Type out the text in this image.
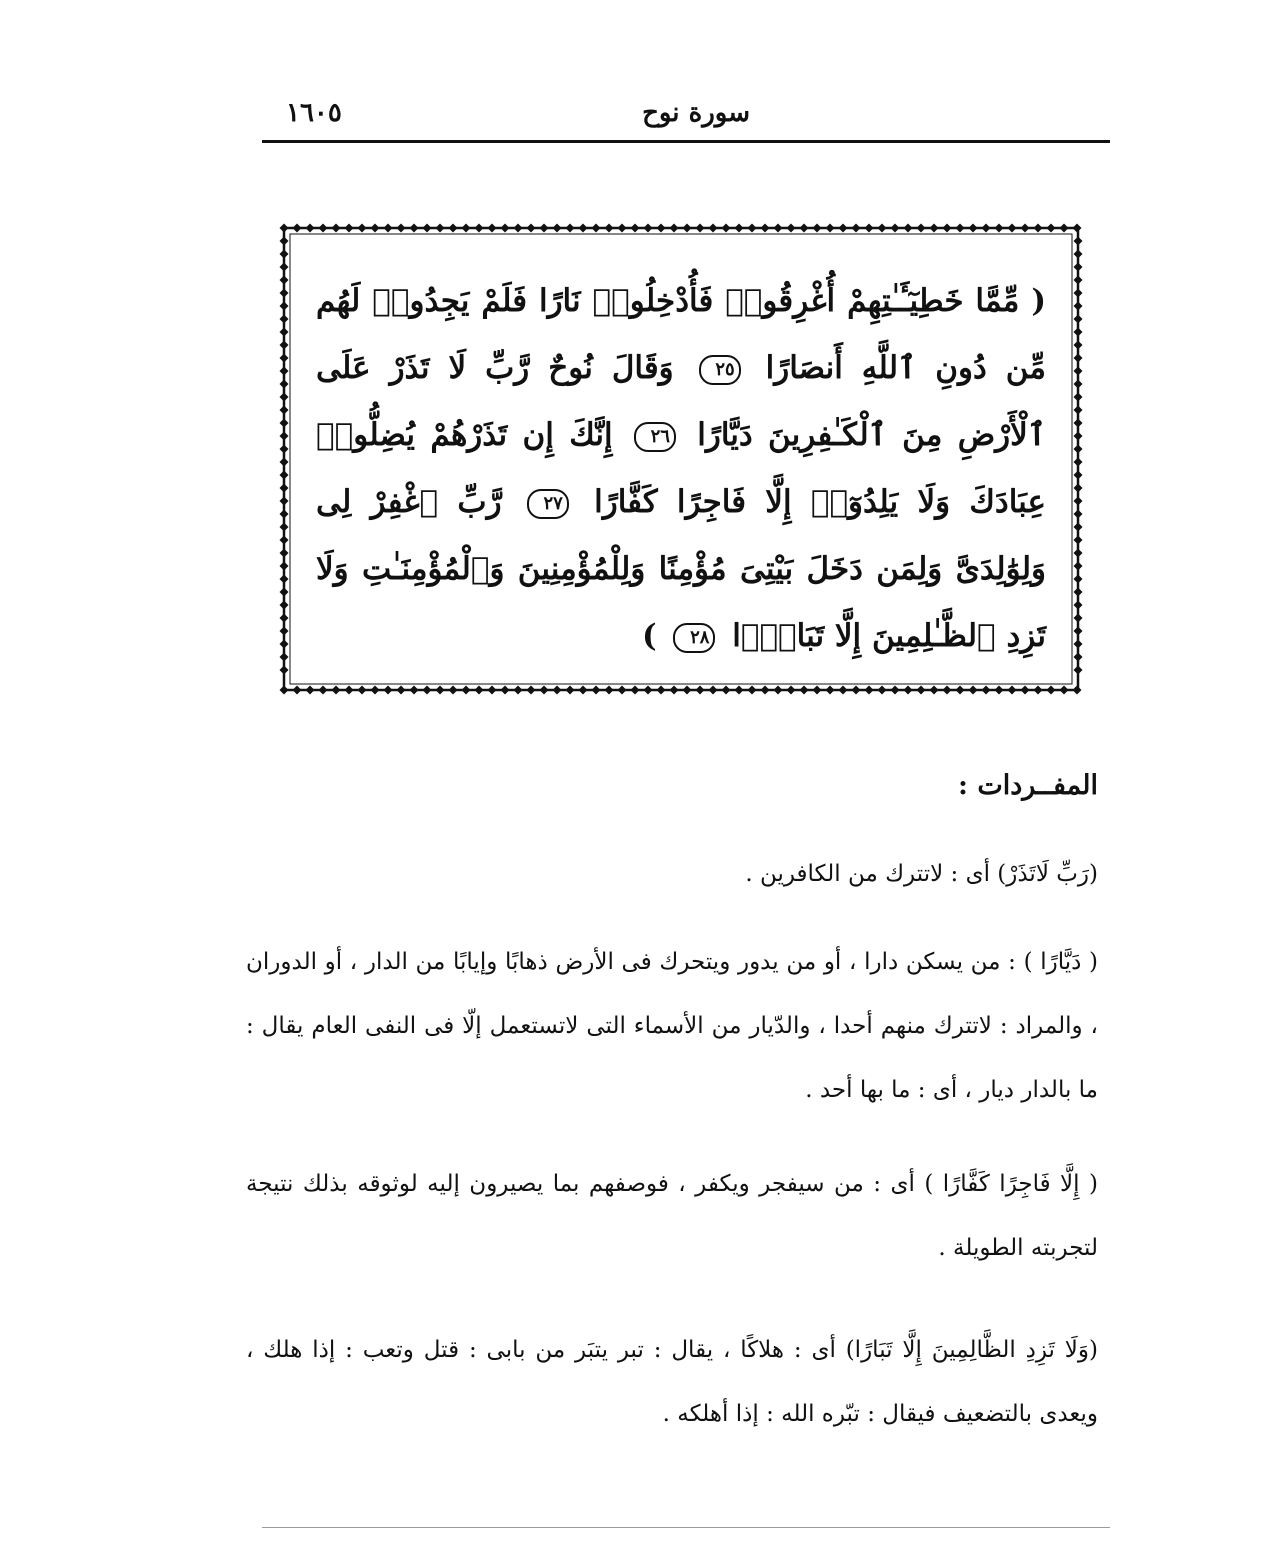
سورة نوح
١٦٠٥
( مِّمَّا خَطِيٓـَٔـٰتِهِمْ أُغْرِقُوا۟ فَأُدْخِلُوا۟ نَارًا فَلَمْ يَجِدُوا۟ لَهُم مِّن دُونِ ٱللَّهِ أَنصَارًا ٢٥ وَقَالَ نُوحٌ رَّبِّ لَا تَذَرْ عَلَى ٱلْأَرْضِ مِنَ ٱلْكَـٰفِرِينَ دَيَّارًا ٢٦ إِنَّكَ إِن تَذَرْهُمْ يُضِلُّوا۟ عِبَادَكَ وَلَا يَلِدُوٓا۟ إِلَّا فَاجِرًا كَفَّارًا ٢٧ رَّبِّ ٱغْفِرْ لِى وَلِوَٰلِدَىَّ وَلِمَن دَخَلَ بَيْتِىَ مُؤْمِنًا وَلِلْمُؤْمِنِينَ وَٱلْمُؤْمِنَـٰتِ وَلَا تَزِدِ ٱلظَّـٰلِمِينَ إِلَّا تَبَارًۢا ٢٨ )
المفــردات :
(رَبِّ لَاتَذَرْ) أى : لاتترك من الكافرين .
( دَيَّارًا ) : من يسكن دارا ، أو من يدور ويتحرك فى الأرض ذهابًا وإيابًا من الدار ، أو الدوران ، والمراد : لاتترك منهم أحدا ، والدّيار من الأسماء التى لاتستعمل إلّا فى النفى العام يقال : ما بالدار ديار ، أى : ما بها أحد .
( إِلَّا فَاجِرًا كَفَّارًا ) أى : من سيفجر ويكفر ، فوصفهم بما يصيرون إليه لوثوقه بذلك نتيجة لتجربته الطويلة .
(وَلَا تَزِدِ الظَّالِمِينَ إِلَّا تَبَارًا) أى : هلاكًا ، يقال : تبر يتبَر من بابى : قتل وتعب : إذا هلك ، ويعدى بالتضعيف فيقال : تبّره الله : إذا أهلكه .
